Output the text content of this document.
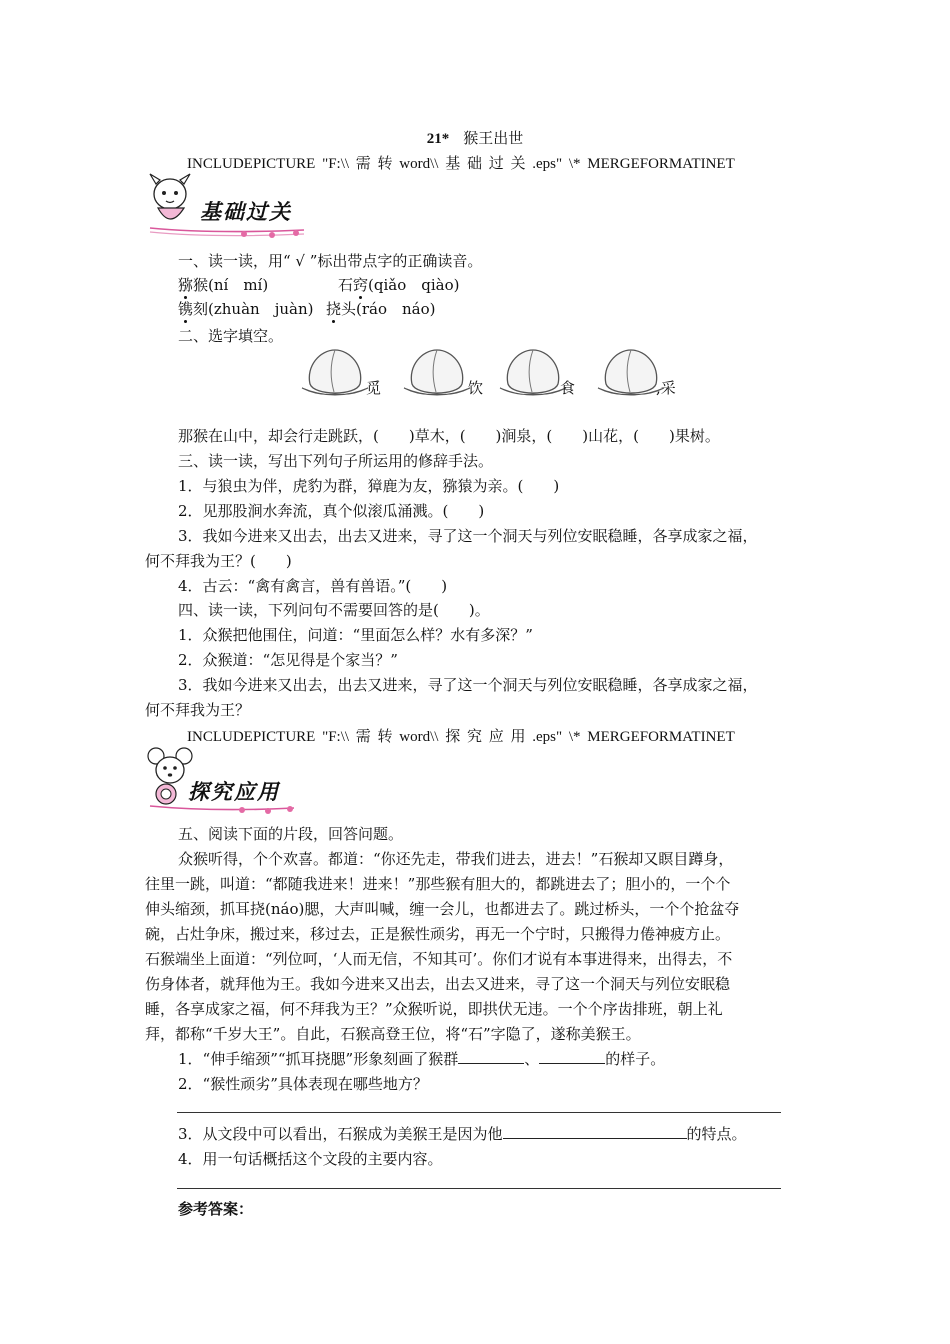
21* 猴王出世
INCLUDEPICTURE "F:\\ 需 转 word\\ 基 础 过 关 .eps" \* MERGEFORMATINET
基础过关
一、读一读，用“ √ ”标出带点字的正确读音。
猕猴(ní　mí)	石窍(qiǎo　qiào)
镌刻(zhuàn　juàn) 挠头(ráo　náo)
二、选字填空。
觅	饮	食	,采
那猴在山中，却会行走跳跃，(　　)草木，(　　)涧泉，(　　)山花，(　　)果树。
三、读一读，写出下列句子所运用的修辞手法。
1．与狼虫为伴，虎豹为群，獐鹿为友，猕猿为亲。(　　)
2．见那股涧水奔流，真个似滚瓜涌溅。(　　)
3．我如今进来又出去，出去又进来，寻了这一个洞天与列位安眠稳睡，各享成家之福，
何不拜我为王？(　　)
4．古云：“禽有禽言，兽有兽语。”(　　)
四、读一读，下列问句不需要回答的是(　　)。
1．众猴把他围住，问道：“里面怎么样？水有多深？”
2．众猴道：“怎见得是个家当？”
3．我如今进来又出去，出去又进来，寻了这一个洞天与列位安眠稳睡，各享成家之福，
何不拜我为王？
INCLUDEPICTURE "F:\\ 需 转 word\\ 探 究 应 用 .eps" \* MERGEFORMATINET
探究应用
五、阅读下面的片段，回答问题。
众猴听得，个个欢喜。都道：“你还先走，带我们进去，进去！”石猴却又瞑目蹲身，
往里一跳，叫道：“都随我进来！进来！”那些猴有胆大的，都跳进去了；胆小的，一个个
伸头缩颈，抓耳挠(náo)腮，大声叫喊，缠一会儿，也都进去了。跳过桥头，一个个抢盆夺
碗，占灶争床，搬过来，移过去，正是猴性顽劣，再无一个宁时，只搬得力倦神疲方止。
石猴端坐上面道：“列位呵，‘人而无信，不知其可’。你们才说有本事进得来，出得去，不
伤身体者，就拜他为王。我如今进来又出去，出去又进来，寻了这一个洞天与列位安眠稳
睡，各享成家之福，何不拜我为王？”众猴听说，即拱伏无违。一个个序齿排班，朝上礼
拜，都称“千岁大王”。自此，石猴高登王位，将“石”字隐了，遂称美猴王。
1．“伸手缩颈”“抓耳挠腮”形象刻画了猴群	、	的样子。
2．“猴性顽劣”具体表现在哪些地方？
3．从文段中可以看出，石猴成为美猴王是因为他	的特点。
4．用一句话概括这个文段的主要内容。
参考答案：
